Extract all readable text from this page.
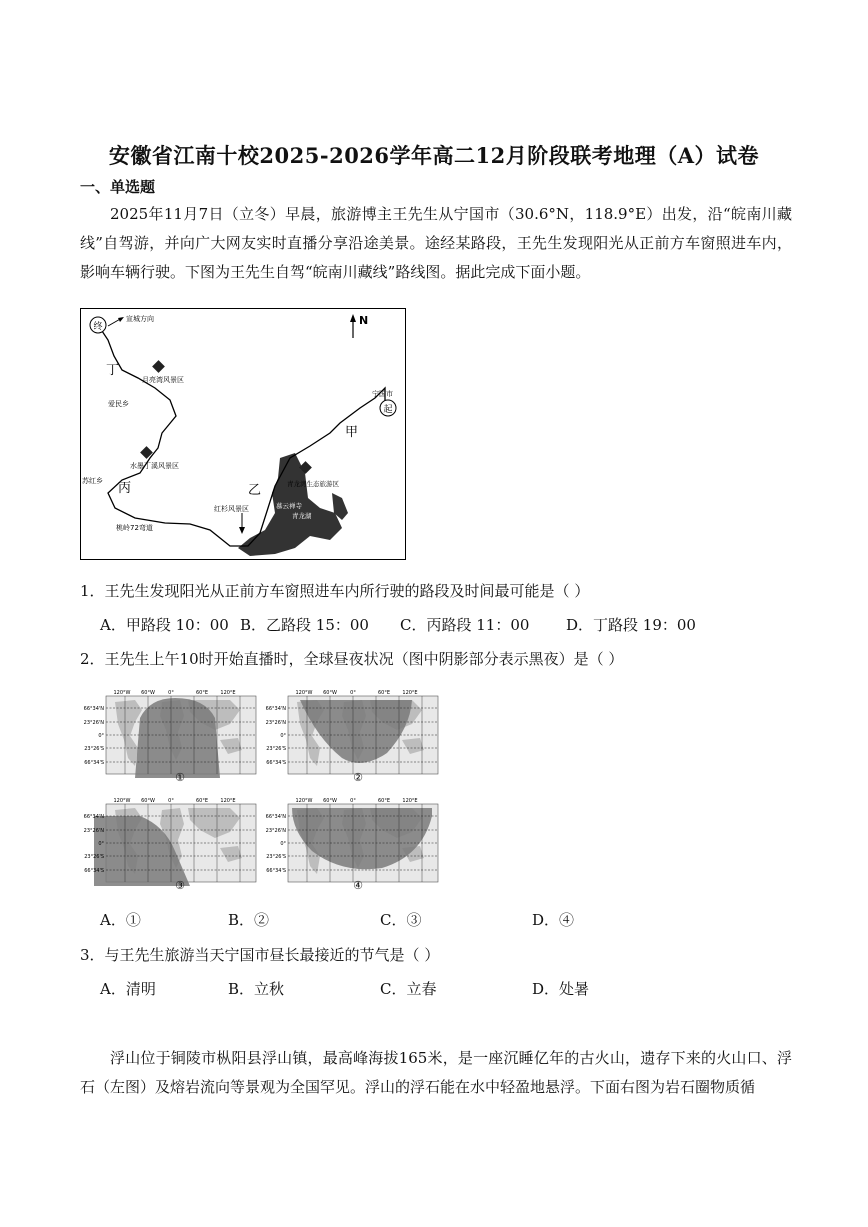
安徽省江南十校2025-2026学年高二12月阶段联考地理（A）试卷
一、单选题
2025年11月7日（立冬）早晨，旅游博主王先生从宁国市（30.6°N，118.9°E）出发，沿“皖南川藏线”自驾游，并向广大网友实时直播分享沿途美景。途经某路段，王先生发现阳光从正前方车窗照进车内，影响车辆行驶。下图为王先生自驾“皖南川藏线”路线图。据此完成下面小题。
N
终
起
宣城方向
丁
月亮湾风景区
爱民乡
宁国市
甲
水墨丁溪风景区
苏红乡 丙	乙	青龙湾生态旅游区
慕云禅寺
青龙湖
红杉风景区
桃岭72弯道
1．王先生发现阳光从正前方车窗照进车内所行驶的路段及时间最可能是（ ）
A．甲路段 10：00 B．乙路段 15：00	C．丙路段 11：00	D．丁路段 19：00
2．王先生上午10时开始直播时，全球昼夜状况（图中阴影部分表示黑夜）是（ ）
120°W 60°W	0°	60°E 120°E
66°34'N
23°26'N
0°
23°26'S
66°34'S
①
120°W 60°W	0°	60°E 120°E
66°34'N
23°26'N
0°
23°26'S
66°34'S
②
120°W 60°W	0°	60°E 120°E
66°34'N
23°26'N
0°
23°26'S
66°34'S
③
120°W 60°W	0°	60°E 120°E
66°34'N
23°26'N
0°
23°26'S
66°34'S
④
A．①	B．②	C．③	D．④
3．与王先生旅游当天宁国市昼长最接近的节气是（ ）
A．清明	B．立秋	C．立春	D．处暑
浮山位于铜陵市枞阳县浮山镇，最高峰海拔165米，是一座沉睡亿年的古火山，遗存下来的火山口、浮石（左图）及熔岩流向等景观为全国罕见。浮山的浮石能在水中轻盈地悬浮。下面右图为岩石圈物质循
